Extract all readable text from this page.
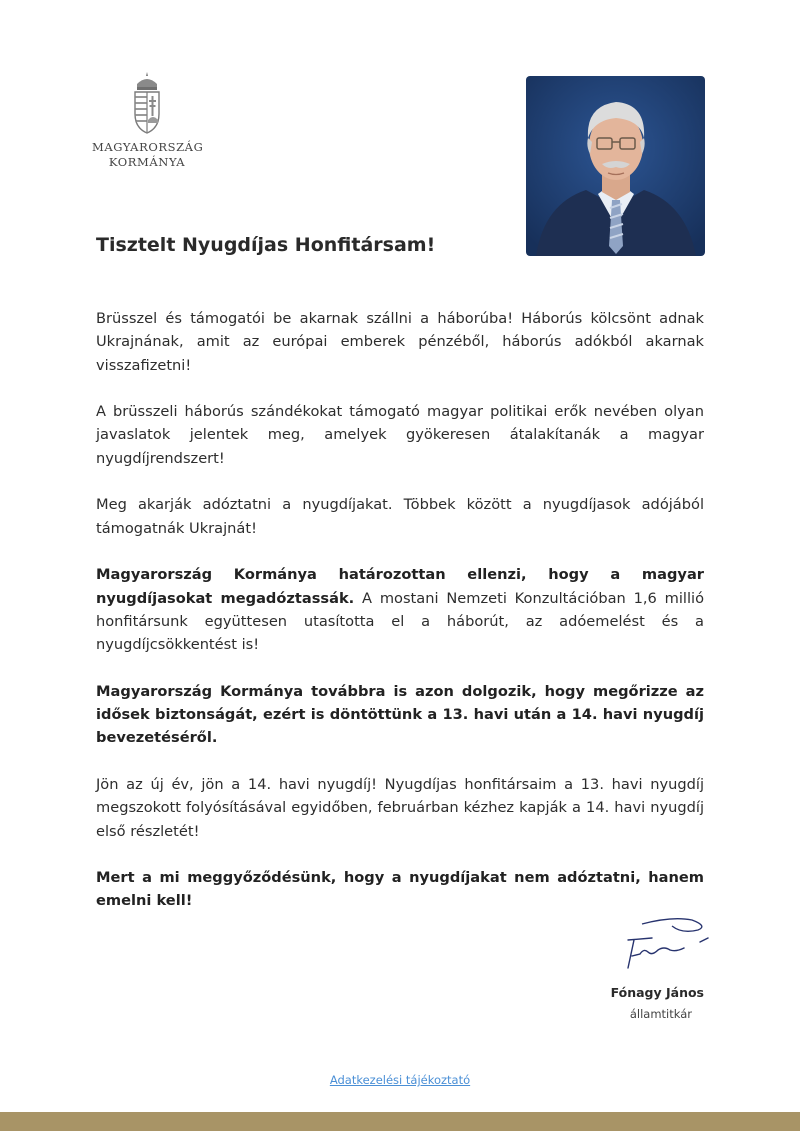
MAGYARORSZÁG
KORMÁNYA
Tisztelt Nyugdíjas Honfitársam!

Brüsszel és támogatói be akarnak szállni a háborúba! Háborús kölcsönt adnak Ukrajnának, amit az európai emberek pénzéből, háborús adókból akarnak visszafizetni!

A brüsszeli háborús szándékokat támogató magyar politikai erők nevében olyan javaslatok jelentek meg, amelyek gyökeresen átalakítanák a magyar nyugdíjrendszert!

Meg akarják adóztatni a nyugdíjakat. Többek között a nyugdíjasok adójából támogatnák Ukrajnát!

Magyarország Kormánya határozottan ellenzi, hogy a magyar nyugdíjasokat megadóztassák. A mostani Nemzeti Konzultációban 1,6 millió honfitársunk együttesen utasította el a háborút, az adóemelést és a nyugdíjcsökkentést is!

Magyarország Kormánya továbbra is azon dolgozik, hogy megőrizze az idősek biztonságát, ezért is döntöttünk a 13. havi után a 14. havi nyugdíj bevezetéséről.

Jön az új év, jön a 14. havi nyugdíj! Nyugdíjas honfitársaim a 13. havi nyugdíj megszokott folyósításával egyidőben, februárban kézhez kapják a 14. havi nyugdíj első részletét!

Mert a mi meggyőződésünk, hogy a nyugdíjakat nem adóztatni, hanem emelni kell!

Fónagy János
államtitkár
Adatkezelési tájékoztató
